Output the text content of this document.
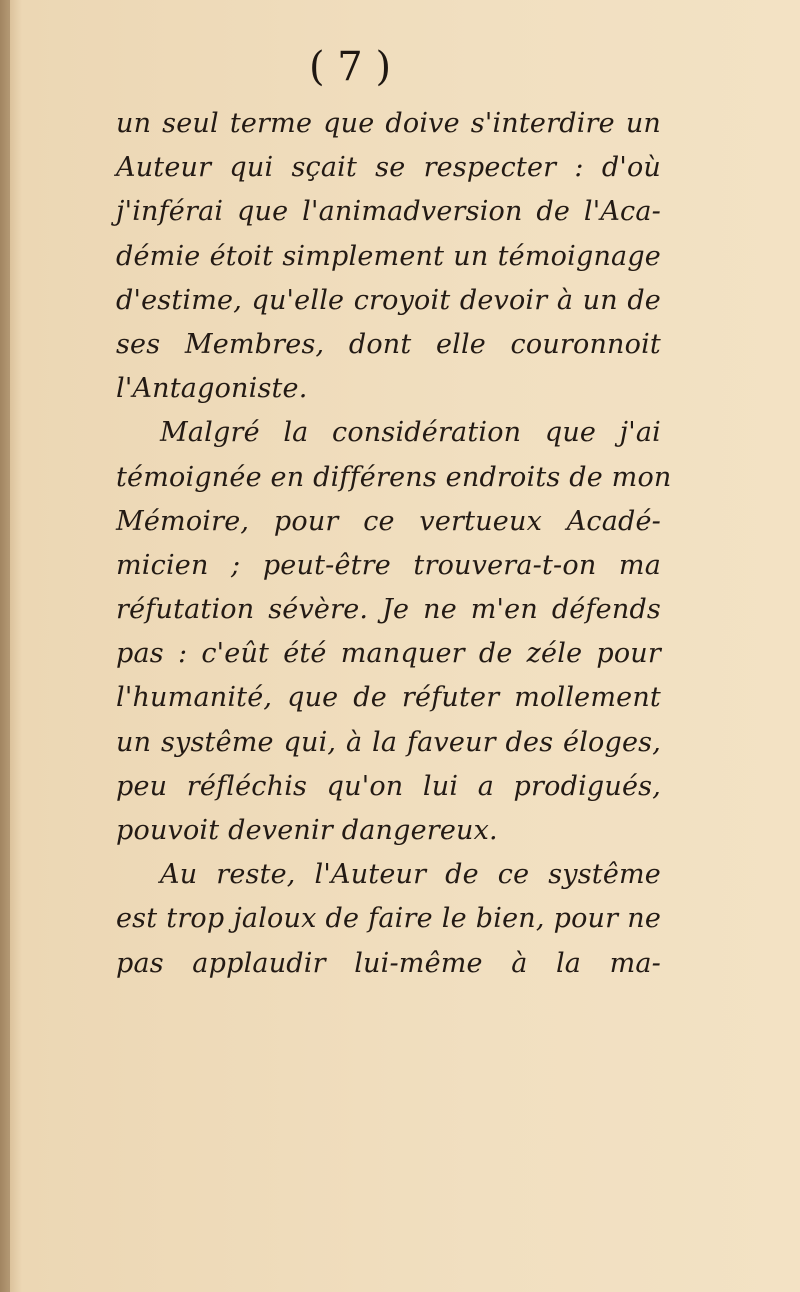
( 7 )
un seul terme que doive s'interdire un
Auteur qui sçait se respecter : d'où
j'inférai que l'animadversion de l'Aca-
démie étoit simplement un témoignage
d'estime, qu'elle croyoit devoir à un de
ses Membres, dont elle couronnoit
l'Antagoniste.
Malgré la considération que j'ai
témoignée en différens endroits de mon
Mémoire, pour ce vertueux Acadé-
micien ; peut-être trouvera-t-on ma
réfutation sévère. Je ne m'en défends
pas : c'eût été manquer de zéle pour
l'humanité, que de réfuter mollement
un systême qui, à la faveur des éloges,
peu réfléchis qu'on lui a prodigués,
pouvoit devenir dangereux.
Au reste, l'Auteur de ce systême
est trop jaloux de faire le bien, pour ne
pas applaudir lui-même à la ma-
